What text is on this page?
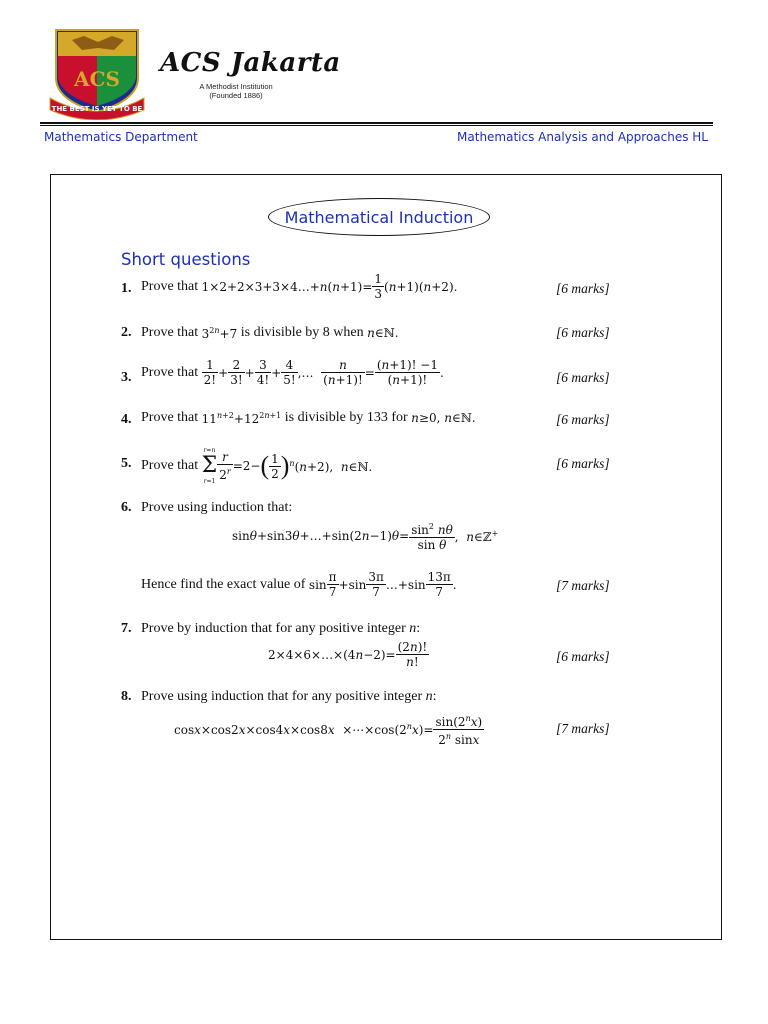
ACS
THE BEST IS YET TO BE
ACS Jakarta
A Methodist Institution
(Founded 1886)
Mathematics Department	Mathematics Analysis and Approaches HL
Mathematical Induction
Short questions
1. Prove that
1×2+2×3+3×4…+n(n+1)= $\frac{1}{3} (n+1)(n+2)$.	[6 marks]
2. Prove that
$3^{2n}+7$
is divisible by 8 when
n∈ℕ.	[6 marks]
3. Prove that
$\frac{1}{2!} + \frac{2}{3!} + \frac{3}{4!} + \frac{4}{5!}$ ,… $\frac{n}{(n+1)!} = \frac{(n+1)! -1}{(n+1)!}$ .	[6 marks]
4. Prove that
$11^{n+2}+12^{2n+1}$
is divisible by 133 for
n≥0, n∈ℕ.	[6 marks]
5. Prove that

r=n
Σ
$r=1 \frac{r}{2^r} =2-$ ( $\frac{1}{2}$ ) $^n$(n+2),  n∈ℕ.	[6 marks]
6. Prove using induction that:
sinθ+sin3θ+…+sin(2n−1)θ= $\frac{\sin^2 n\theta}{\text{sin θ}}$ ,  n∈ℤ+
Hence find the exact value of
$\sin \frac{\pi}{7} +\sin \frac{3\pi}{7}$ …+sin $\frac{13\pi}{7}$ .	[7 marks]
7. Prove by induction that for any positive integer n:
2×4×6×…×(4n−2)= $\frac{(2n)!}{n!}$	[6 marks]
8. Prove using induction that for any positive integer n:
$\cos x\times\cos 2x\times\cos 4x\times\cos 8x \times\cdots\times\cos(2^nx)= \frac{\sin(2^nx)}{2^n \sin x}$	[7 marks]
